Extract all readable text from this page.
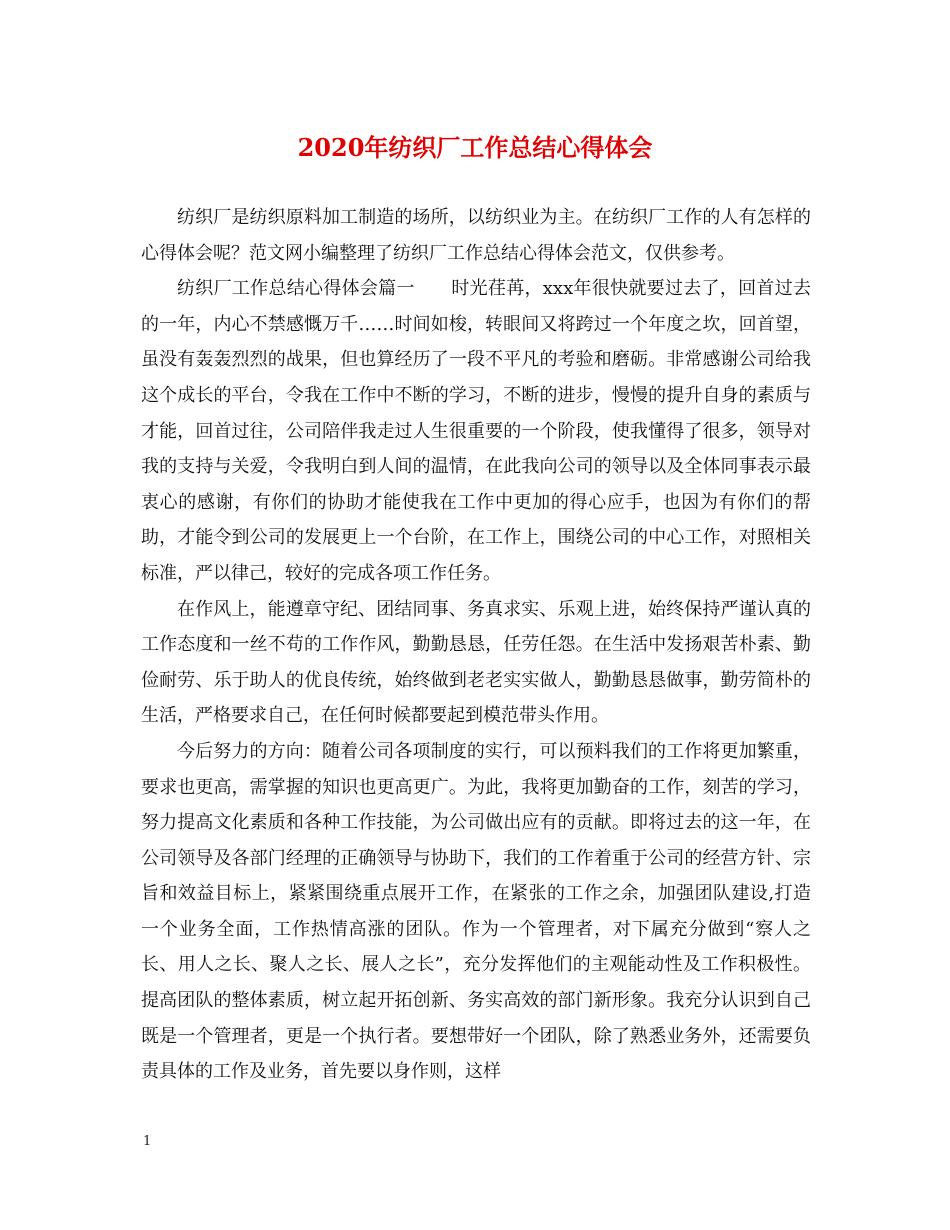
2020年纺织厂工作总结心得体会

纺织厂是纺织原料加工制造的场所，以纺织业为主。在纺织厂工作的人有怎样的心得体会呢？范文网小编整理了纺织厂工作总结心得体会范文，仅供参考。

纺织厂工作总结心得体会篇一　　时光荏苒，xxx年很快就要过去了，回首过去的一年，内心不禁感慨万千……时间如梭，转眼间又将跨过一个年度之坎，回首望，虽没有轰轰烈烈的战果，但也算经历了一段不平凡的考验和磨砺。非常感谢公司给我这个成长的平台，令我在工作中不断的学习，不断的进步，慢慢的提升自身的素质与才能，回首过往，公司陪伴我走过人生很重要的一个阶段，使我懂得了很多，领导对我的支持与关爱，令我明白到人间的温情，在此我向公司的领导以及全体同事表示最衷心的感谢，有你们的协助才能使我在工作中更加的得心应手，也因为有你们的帮助，才能令到公司的发展更上一个台阶，在工作上，围绕公司的中心工作，对照相关标准，严以律己，较好的完成各项工作任务。

在作风上，能遵章守纪、团结同事、务真求实、乐观上进，始终保持严谨认真的工作态度和一丝不苟的工作作风，勤勤恳恳，任劳任怨。在生活中发扬艰苦朴素、勤俭耐劳、乐于助人的优良传统，始终做到老老实实做人，勤勤恳恳做事，勤劳简朴的生活，严格要求自己，在任何时候都要起到模范带头作用。

今后努力的方向：随着公司各项制度的实行，可以预料我们的工作将更加繁重，要求也更高，需掌握的知识也更高更广。为此，我将更加勤奋的工作，刻苦的学习，努力提高文化素质和各种工作技能，为公司做出应有的贡献。即将过去的这一年，在公司领导及各部门经理的正确领导与协助下，我们的工作着重于公司的经营方针、宗旨和效益目标上，紧紧围绕重点展开工作，在紧张的工作之余，加强团队建设,打造一个业务全面，工作热情高涨的团队。作为一个管理者，对下属充分做到“察人之长、用人之长、聚人之长、展人之长”，充分发挥他们的主观能动性及工作积极性。提高团队的整体素质，树立起开拓创新、务实高效的部门新形象。我充分认识到自己既是一个管理者，更是一个执行者。要想带好一个团队，除了熟悉业务外，还需要负责具体的工作及业务，首先要以身作则，这样

1
